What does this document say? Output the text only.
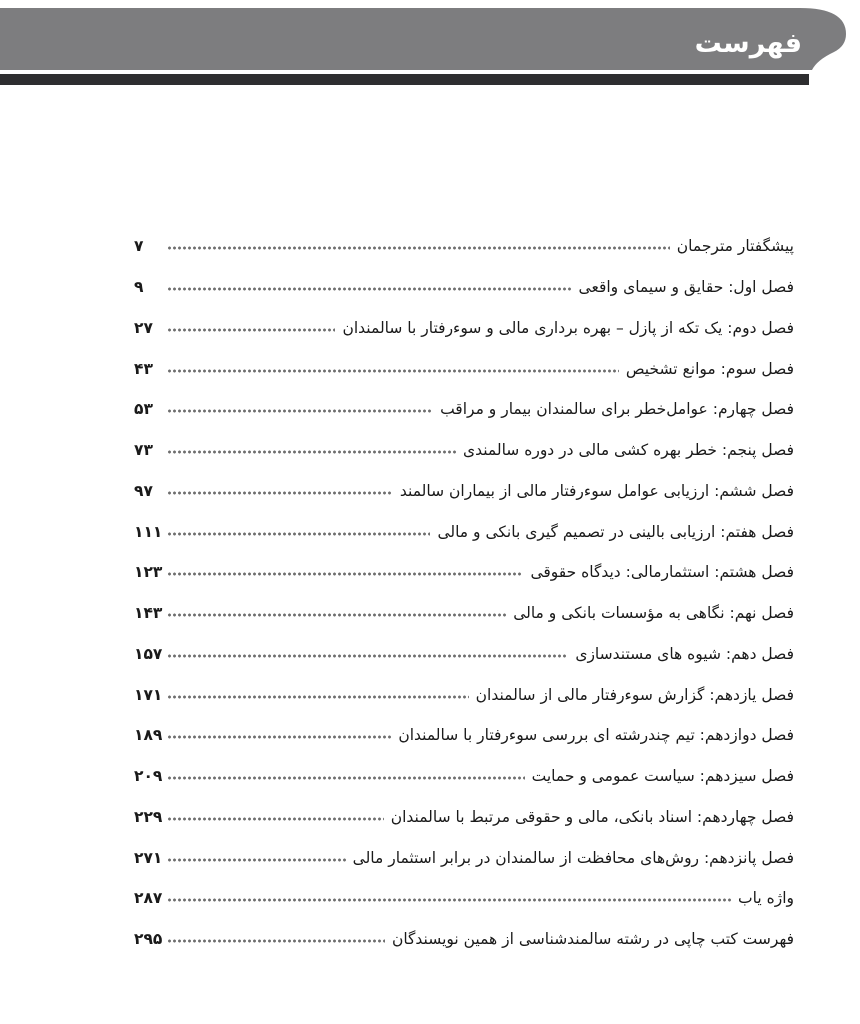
فهرست
پیشگفتار مترجمان
۷
فصل اول: حقایق و سیمای واقعی
۹
فصل دوم: یک تکه از پازل – بهره برداری مالی و سوءرفتار با سالمندان
۲۷
فصل سوم: موانع تشخیص
۴۳
فصل چهارم: عوامل‌خطر برای سالمندان بیمار و مراقب
۵۳
فصل پنجم: خطر بهره کشی مالی در دوره سالمندی
۷۳
فصل ششم: ارزیابی عوامل سوءرفتار مالی از بیماران سالمند
۹۷
فصل هفتم: ارزیابی بالینی در تصمیم گیری بانکی و مالی
۱۱۱
فصل هشتم: استثمار‌مالی: دیدگاه حقوقی
۱۲۳
فصل نهم: نگاهی به مؤسسات بانکی و مالی
۱۴۳
فصل دهم: شیوه های مستندسازی
۱۵۷
فصل یازدهم: گزارش سوءرفتار مالی از سالمندان
۱۷۱
فصل دوازدهم: تیم چندرشته ای بررسی سوءرفتار با سالمندان
۱۸۹
فصل سیزدهم: سیاست عمومی و حمایت
۲۰۹
فصل چهاردهم: اسناد بانکی، مالی و حقوقی مرتبط با سالمندان
۲۲۹
فصل پانزدهم: روش‌های محافظت از سالمندان در برابر استثمار مالی
۲۷۱
واژه یاب
۲۸۷
فهرست کتب چاپی در رشته سالمندشناسی از همین نویسندگان
۲۹۵
